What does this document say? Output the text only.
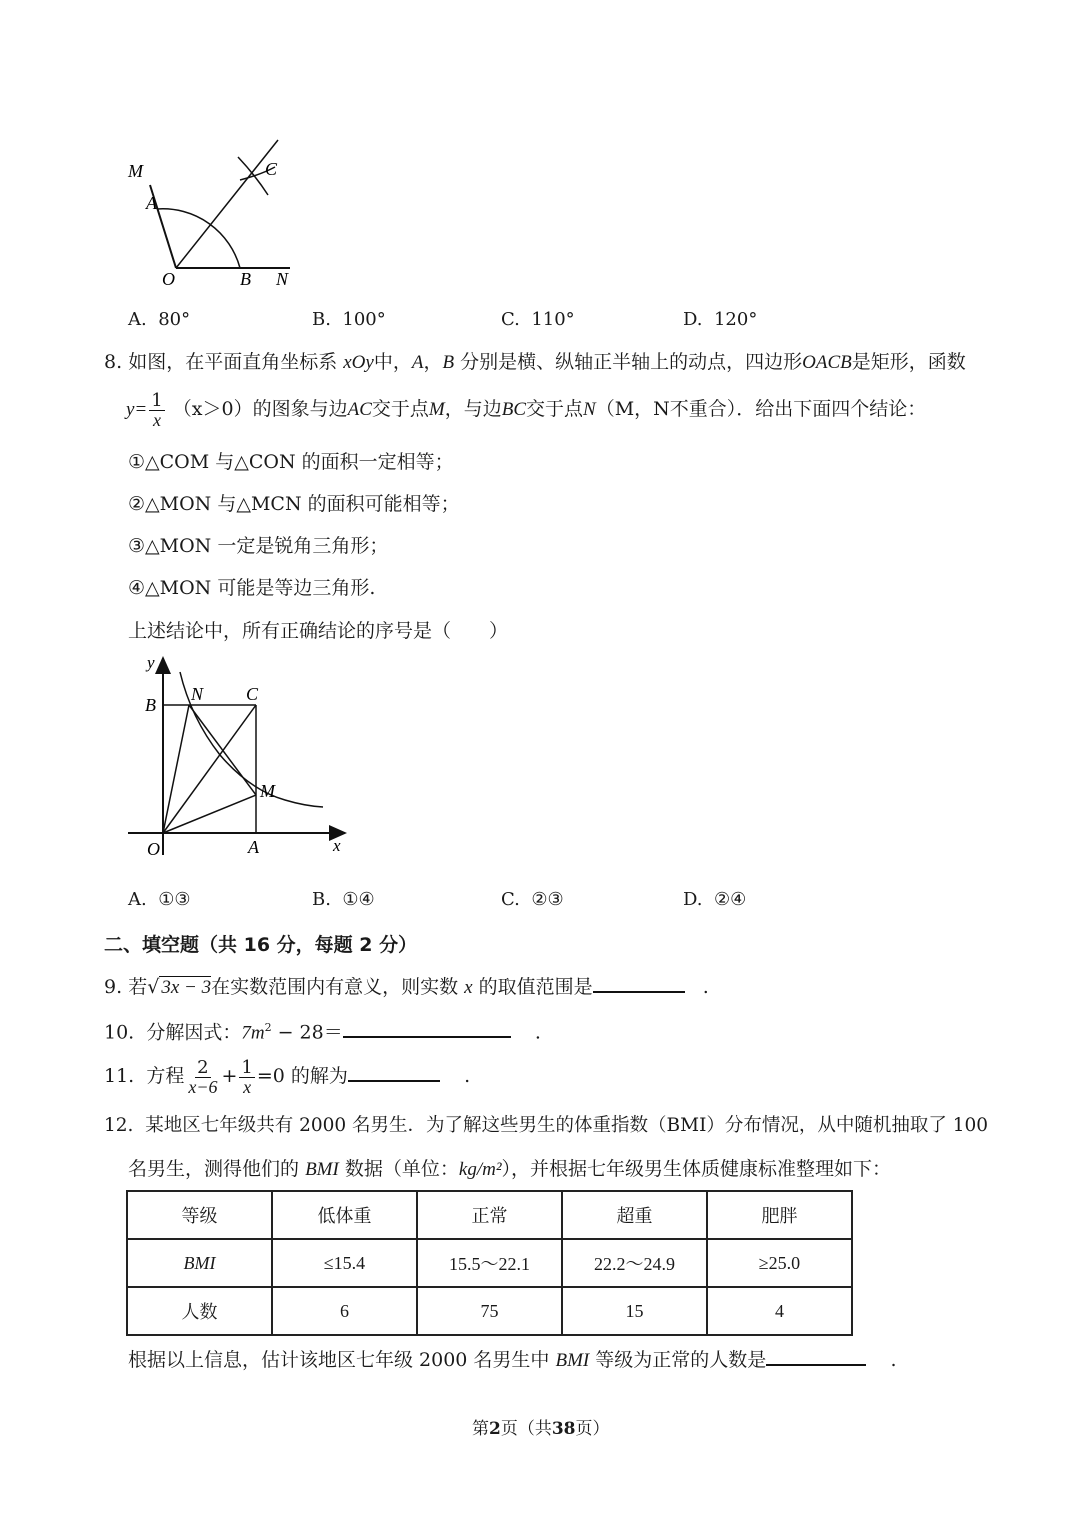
M
A
C
O	B N
A. 80°	B. 100°	C. 110°	D. 120°
8. 如图，在平面直角坐标系 xOy中，A，B 分别是横、纵轴正半轴上的动点，四边形OACB是矩形，函数
$y= \frac{1}{x} (x>0)$的图象与边AC交于点M，与边BC交于点N（M，N不重合）．给出下面四个结论：
①△COM 与△CON 的面积一定相等；
②△MON 与△MCN 的面积可能相等；
③△MON 一定是锐角三角形；
④△MON 可能是等边三角形.
上述结论中，所有正确结论的序号是（　　）
y
B
N C
M
O	A	x
A. ①③	B. ①④	C. ②③	D. ②④
二、填空题（共 16 分，每题 2 分）
9. 若√ 3x − 3在实数范围内有意义，则实数 x 的取值范围是	.
10. 分解因式：$7m^2 - 28=$	.
11. 方程 $\frac{2}{x-6} + \frac{1}{x} =0$ 的解为	.
12. 某地区七年级共有 2000 名男生．为了解这些男生的体重指数（BMI）分布情况，从中随机抽取了 100
名男生，测得他们的 BMI 数据（单位：kg/m²），并根据七年级男生体质健康标准整理如下：
等级	低体重	正常	超重	肥胖
BMI	≤15.4	15.5～22.1	22.2～24.9	≥25.0
人数	6	75	15	4
根据以上信息，估计该地区七年级 2000 名男生中 BMI 等级为正常的人数是	.
第2页（共38页）
